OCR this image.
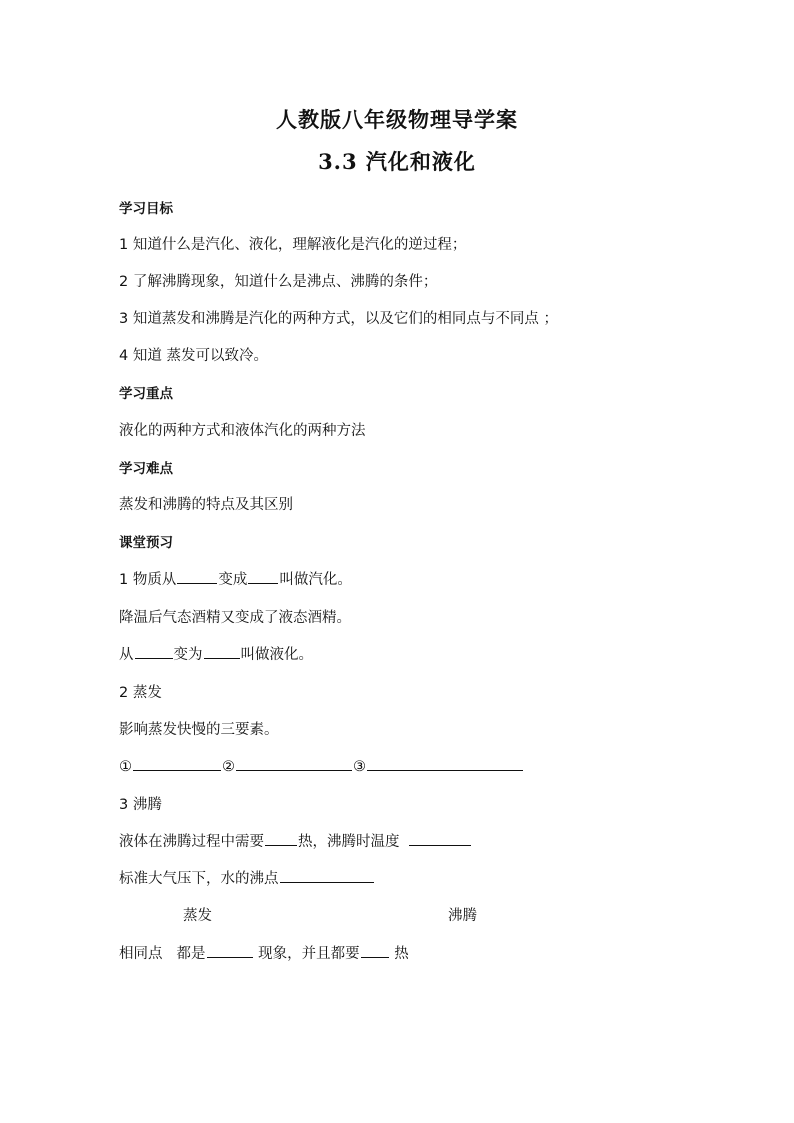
人教版八年级物理导学案
3.3 汽化和液化
学习目标
1 知道什么是汽化、液化，理解液化是汽化的逆过程；
2 了解沸腾现象，知道什么是沸点、沸腾的条件；
3 知道蒸发和沸腾是汽化的两种方式，以及它们的相同点与不同点 ；
4 知道 蒸发可以致冷。
学习重点
液化的两种方式和液体汽化的两种方法
学习难点
蒸发和沸腾的特点及其区别
课堂预习
1 物质从	变成 叫做汽化。
降温后气态酒精又变成了液态酒精。
从	变为	叫做液化。
2 蒸发
影响蒸发快慢的三要素。
①	②	③
3 沸腾
液体在沸腾过程中需要 热，沸腾时温度
标准大气压下，水的沸点
蒸发	沸腾
相同点 都是	现象，并且都要 热
